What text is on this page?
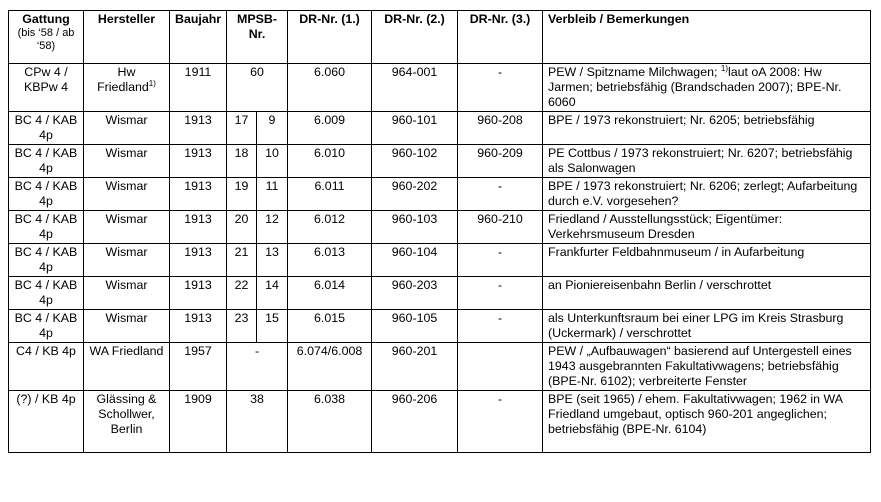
Gattung
(bis ‘58 / ab ‘58)	Hersteller	Baujahr	MPSB-Nr.		DR-Nr. (1.)	DR-Nr. (2.)	DR-Nr. (3.)	Verbleib / Bemerkungen
CPw 4 / KBPw 4	Hw Friedland$^{1)}$	1911	60		6.060	964-001	-	PEW / Spitzname Milchwagen; $^{1)}$laut oA 2008: Hw Jarmen; betriebsfähig (Brandschaden 2007); BPE-Nr. 6060
BC 4 / KAB 4p	Wismar	1913	17	9	6.009	960-101	960-208	BPE / 1973 rekonstruiert; Nr. 6205; betriebsfähig
BC 4 / KAB 4p	Wismar	1913	18	10	6.010	960-102	960-209	PE Cottbus / 1973 rekonstruiert; Nr. 6207; betriebsfähig als Salonwagen
BC 4 / KAB 4p	Wismar	1913	19	11	6.011	960-202	-	BPE / 1973 rekonstruiert; Nr. 6206; zerlegt; Aufarbeitung durch e.V. vorgesehen?
BC 4 / KAB 4p	Wismar	1913	20	12	6.012	960-103	960-210	Friedland / Ausstellungsstück; Eigentümer: Verkehrsmuseum Dresden
BC 4 / KAB 4p	Wismar	1913	21	13	6.013	960-104	-	Frankfurter Feldbahnmuseum / in Aufarbeitung
BC 4 / KAB 4p	Wismar	1913	22	14	6.014	960-203	-	an Pioniereisenbahn Berlin / verschrottet
BC 4 / KAB 4p	Wismar	1913	23	15	6.015	960-105	-	als Unterkunftsraum bei einer LPG im Kreis Strasburg (Uckermark) / verschrottet
C4 / KB 4p	WA Friedland	1957	-		6.074/6.008	960-201		PEW / „Aufbauwagen“ basierend auf Untergestell eines 1943 ausgebrannten Fakultativwagens; betriebsfähig (BPE-Nr. 6102); verbreiterte Fenster
(?) / KB 4p	Glässing & Schollwer, Berlin	1909	38		6.038	960-206	-	BPE (seit 1965) / ehem. Fakultativwagen; 1962 in WA Friedland umgebaut, optisch 960-201 angeglichen; betriebsfähig (BPE-Nr. 6104)
